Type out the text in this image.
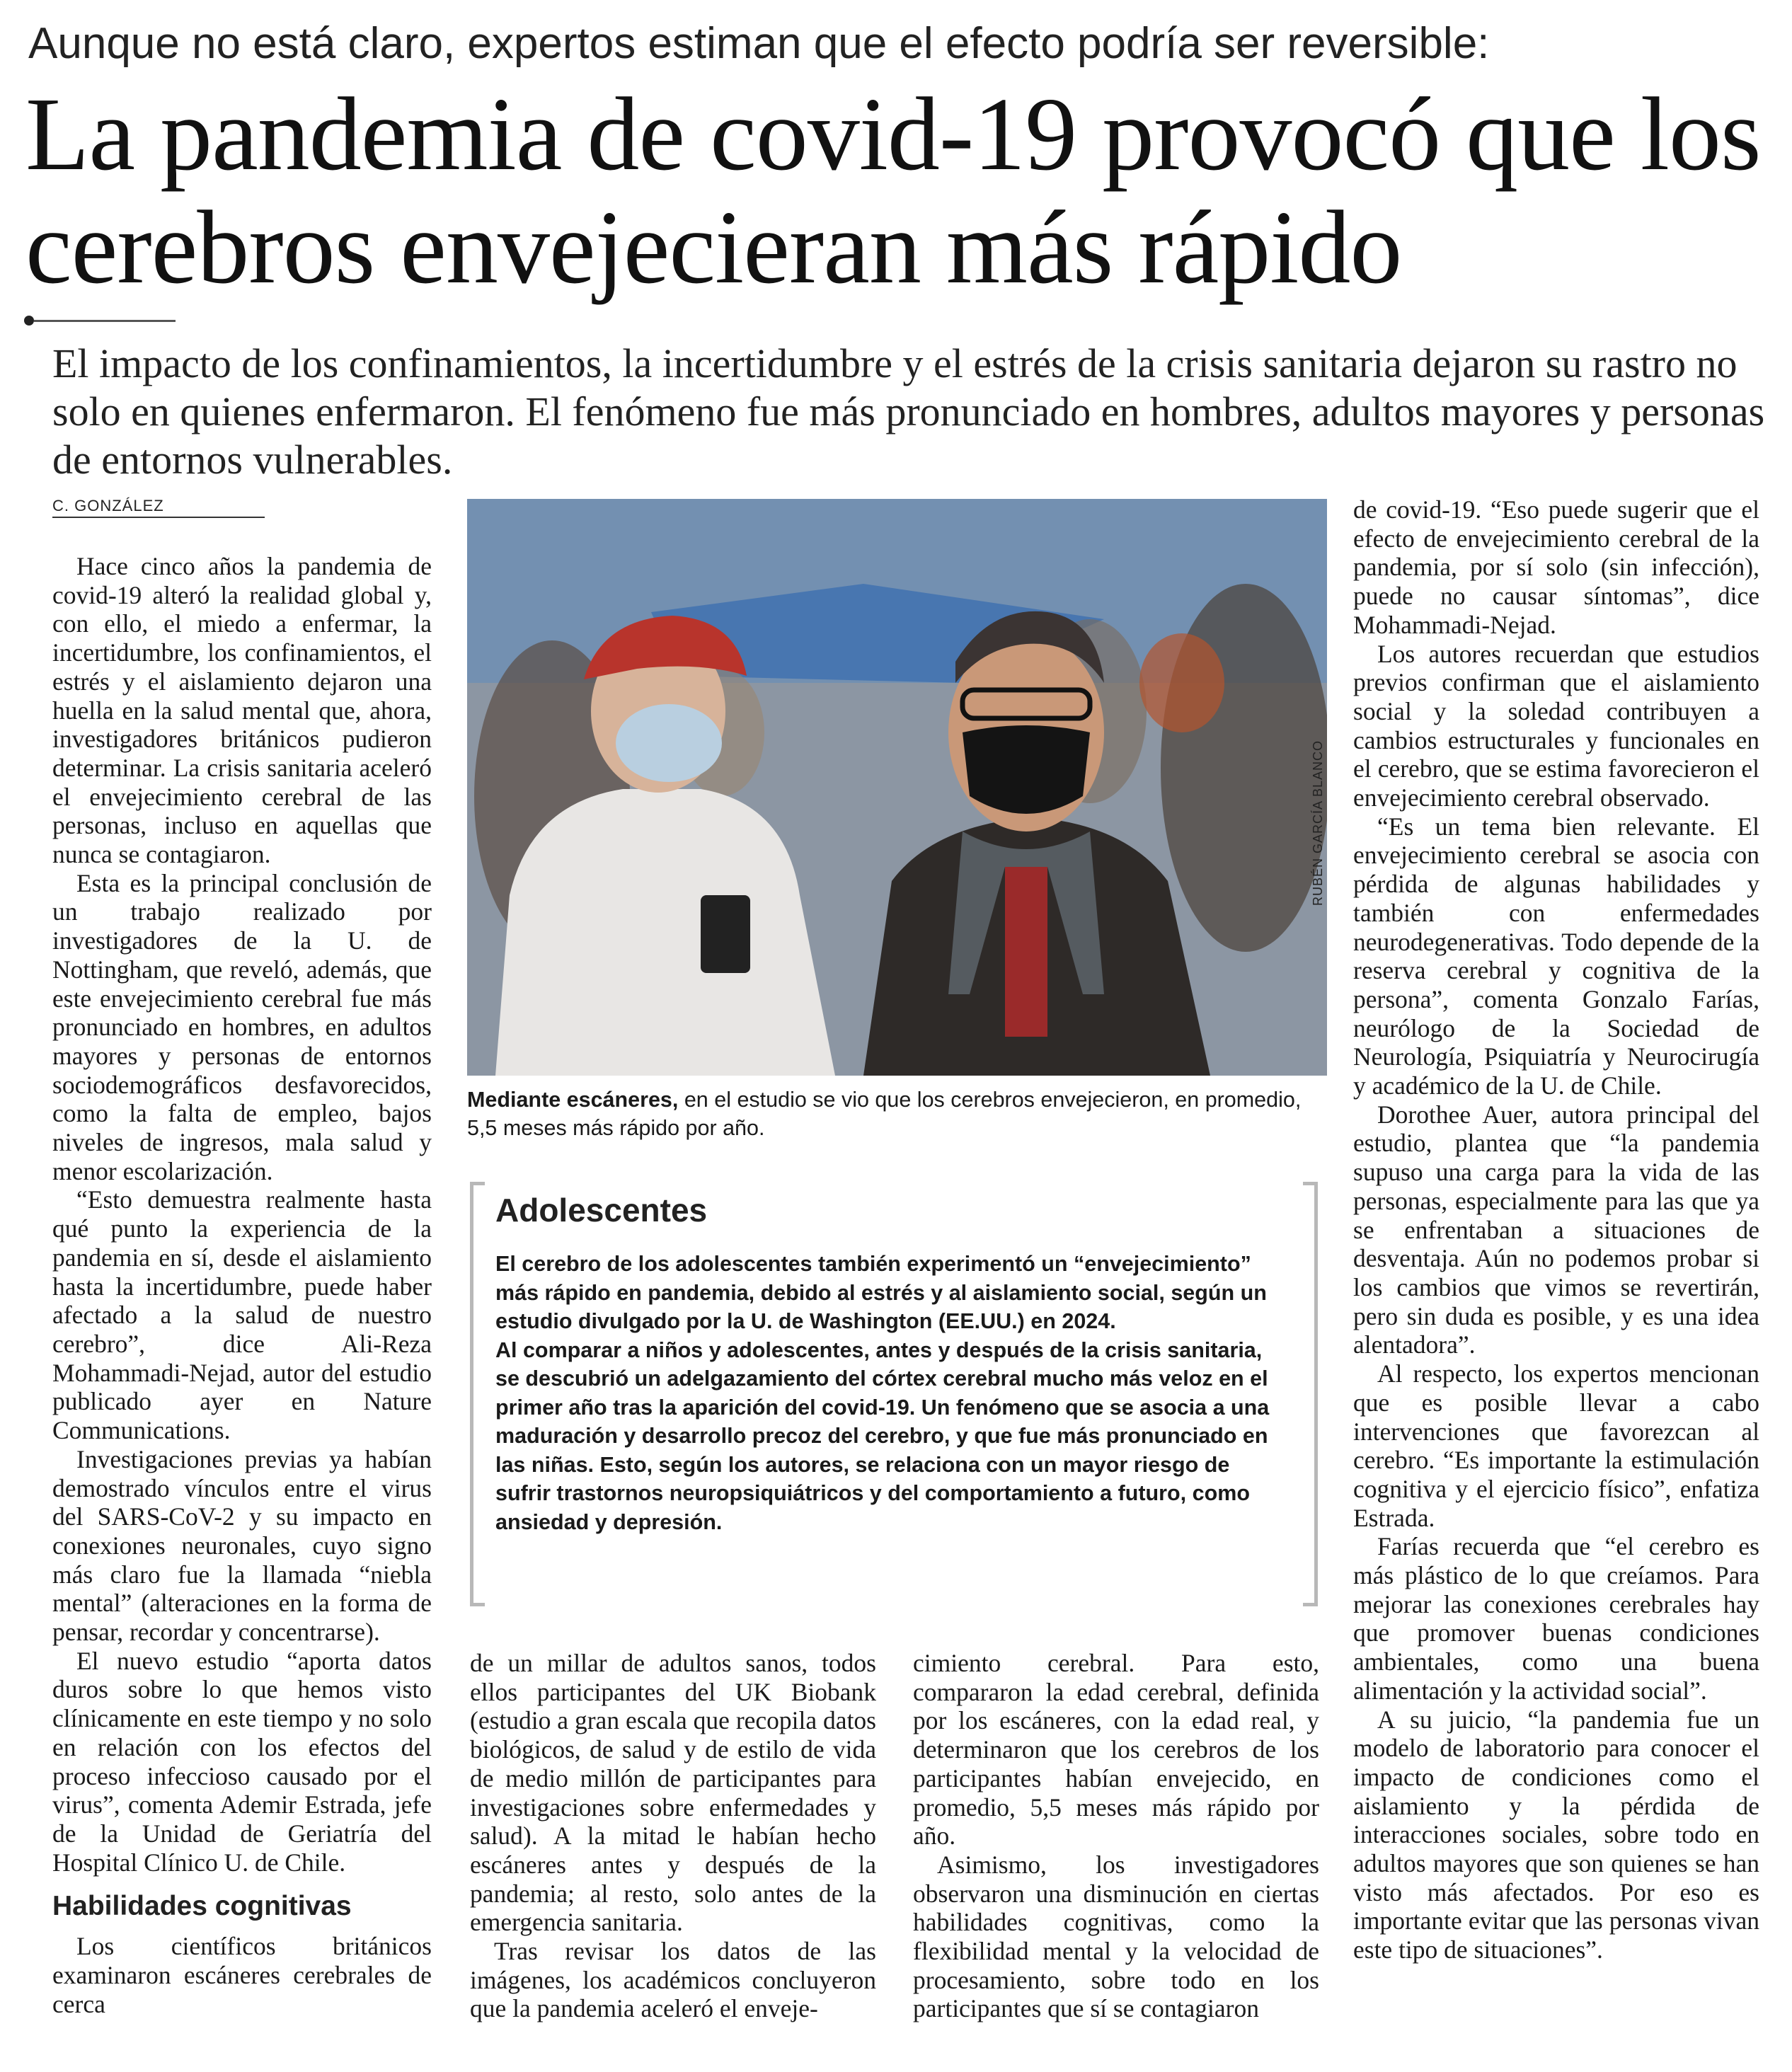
Aunque no está claro, expertos estiman que el efecto podría ser reversible:
La pandemia de covid-19 provocó que los cerebros envejecieran más rápido
El impacto de los confinamientos, la incertidumbre y el estrés de la crisis sanitaria dejaron su rastro no solo en quienes enfermaron. El fenómeno fue más pronunciado en hombres, adultos mayores y personas de entornos vulnerables.
C. GONZÁLEZ

Hace cinco años la pandemia de covid-19 alteró la realidad global y, con ello, el miedo a enfermar, la incertidumbre, los confinamientos, el estrés y el aislamiento dejaron una huella en la salud mental que, ahora, investigadores británicos pudieron determinar. La crisis sanitaria aceleró el envejecimiento cerebral de las personas, incluso en aquellas que nunca se contagiaron.

Esta es la principal conclusión de un trabajo realizado por investigadores de la U. de Nottingham, que reveló, además, que este envejecimiento cerebral fue más pronunciado en hombres, en adultos mayores y personas de entornos sociodemográficos desfavorecidos, como la falta de empleo, bajos niveles de ingresos, mala salud y menor escolarización.

“Esto demuestra realmente hasta qué punto la experiencia de la pandemia en sí, desde el aislamiento hasta la incertidumbre, puede haber afectado a la salud de nuestro cerebro”, dice Ali-Reza Mohammadi-Nejad, autor del estudio publicado ayer en Nature Communications.

Investigaciones previas ya habían demostrado vínculos entre el virus del SARS-CoV-2 y su impacto en conexiones neuronales, cuyo signo más claro fue la llamada “niebla mental” (alteraciones en la forma de pensar, recordar y concentrarse).

El nuevo estudio “aporta datos duros sobre lo que hemos visto clínicamente en este tiempo y no solo en relación con los efectos del proceso infeccioso causado por el virus”, comenta Ademir Estrada, jefe de la Unidad de Geriatría del Hospital Clínico U. de Chile.

Habilidades cognitivas

Los científicos británicos examinaron escáneres cerebrales de cerca

RUBÉN GARCÍA BLANCO
Mediante escáneres, en el estudio se vio que los cerebros envejecieron, en promedio, 5,5 meses más rápido por año.
Adolescentes

El cerebro de los adolescentes también experimentó un “envejecimiento” más rápido en pandemia, debido al estrés y al aislamiento social, según un estudio divulgado por la U. de Washington (EE.UU.) en 2024.

Al comparar a niños y adolescentes, antes y después de la crisis sanitaria, se descubrió un adelgazamiento del córtex cerebral mucho más veloz en el primer año tras la aparición del covid-19. Un fenómeno que se asocia a una maduración y desarrollo precoz del cerebro, y que fue más pronunciado en las niñas. Esto, según los autores, se relaciona con un mayor riesgo de sufrir trastornos neuropsiquiátricos y del comportamiento a futuro, como ansiedad y depresión.

de un millar de adultos sanos, todos ellos participantes del UK Biobank (estudio a gran escala que recopila datos biológicos, de salud y de estilo de vida de medio millón de participantes para investigaciones sobre enfermedades y salud). A la mitad le habían hecho escáneres antes y después de la pandemia; al resto, solo antes de la emergencia sanitaria.

Tras revisar los datos de las imágenes, los académicos concluyeron que la pandemia aceleró el enveje-

cimiento cerebral. Para esto, compararon la edad cerebral, definida por los escáneres, con la edad real, y determinaron que los cerebros de los participantes habían envejecido, en promedio, 5,5 meses más rápido por año.

Asimismo, los investigadores observaron una disminución en ciertas habilidades cognitivas, como la flexibilidad mental y la velocidad de procesamiento, sobre todo en los participantes que sí se contagiaron

de covid-19. “Eso puede sugerir que el efecto de envejecimiento cerebral de la pandemia, por sí solo (sin infección), puede no causar síntomas”, dice Mohammadi-Nejad.

Los autores recuerdan que estudios previos confirman que el aislamiento social y la soledad contribuyen a cambios estructurales y funcionales en el cerebro, que se estima favorecieron el envejecimiento cerebral observado.

“Es un tema bien relevante. El envejecimiento cerebral se asocia con pérdida de algunas habilidades y también con enfermedades neurodegenerativas. Todo depende de la reserva cerebral y cognitiva de la persona”, comenta Gonzalo Farías, neurólogo de la Sociedad de Neurología, Psiquiatría y Neurocirugía y académico de la U. de Chile.

Dorothee Auer, autora principal del estudio, plantea que “la pandemia supuso una carga para la vida de las personas, especialmente para las que ya se enfrentaban a situaciones de desventaja. Aún no podemos probar si los cambios que vimos se revertirán, pero sin duda es posible, y es una idea alentadora”.

Al respecto, los expertos mencionan que es posible llevar a cabo intervenciones que favorezcan al cerebro. “Es importante la estimulación cognitiva y el ejercicio físico”, enfatiza Estrada.

Farías recuerda que “el cerebro es más plástico de lo que creíamos. Para mejorar las conexiones cerebrales hay que promover buenas condiciones ambientales, como una buena alimentación y la actividad social”.

A su juicio, “la pandemia fue un modelo de laboratorio para conocer el impacto de condiciones como el aislamiento y la pérdida de interacciones sociales, sobre todo en adultos mayores que son quienes se han visto más afectados. Por eso es importante evitar que las personas vivan este tipo de situaciones”.
